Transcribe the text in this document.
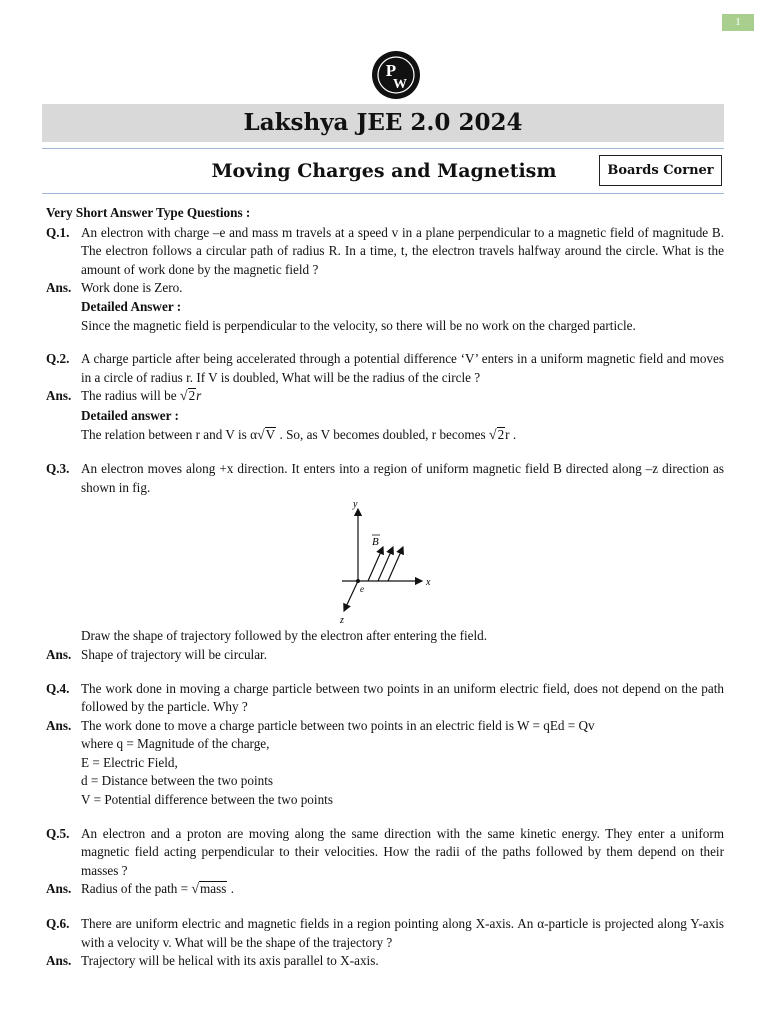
1
P
W
Lakshya JEE 2.0 2024
Moving Charges and Magnetism	Boards Corner
Very Short Answer Type Questions :
Q.1. An electron with charge –e and mass m travels at a speed v in a plane perpendicular to a magnetic field of magnitude B. The electron follows a circular path of radius R. In a time, t, the electron travels halfway around the circle. What is the amount of work done by the magnetic field ?
Ans. Work done is Zero.
Detailed Answer :
Since the magnetic field is perpendicular to the velocity, so there will be no work on the charged particle.
Q.2. A charge particle after being accelerated through a potential difference ‘V’ enters in a uniform magnetic field and moves in a circle of radius r. If V is doubled, What will be the radius of the circle ?
Ans. The radius will be √2r
Detailed answer :
The relation between r and V is α√V . So, as V becomes doubled, r becomes √2r .
Q.3. An electron moves along +x direction. It enters into a region of uniform magnetic field B directed along –z direction as shown in fig.
y
x
z
B
e
Draw the shape of trajectory followed by the electron after entering the field.
Ans. Shape of trajectory will be circular.
Q.4. The work done in moving a charge particle between two points in an uniform electric field, does not depend on the path followed by the particle. Why ?
Ans. The work done to move a charge particle between two points in an electric field is W = qEd = Qv
where q = Magnitude of the charge,
E = Electric Field,
d = Distance between the two points
V = Potential difference between the two points
Q.5. An electron and a proton are moving along the same direction with the same kinetic energy. They enter a uniform magnetic field acting perpendicular to their velocities. How the radii of the paths followed by them depend on their masses ?
Ans. Radius of the path = √mass .
Q.6. There are uniform electric and magnetic fields in a region pointing along X-axis. An α-particle is projected along Y-axis with a velocity v. What will be the shape of the trajectory ?
Ans. Trajectory will be helical with its axis parallel to X-axis.
